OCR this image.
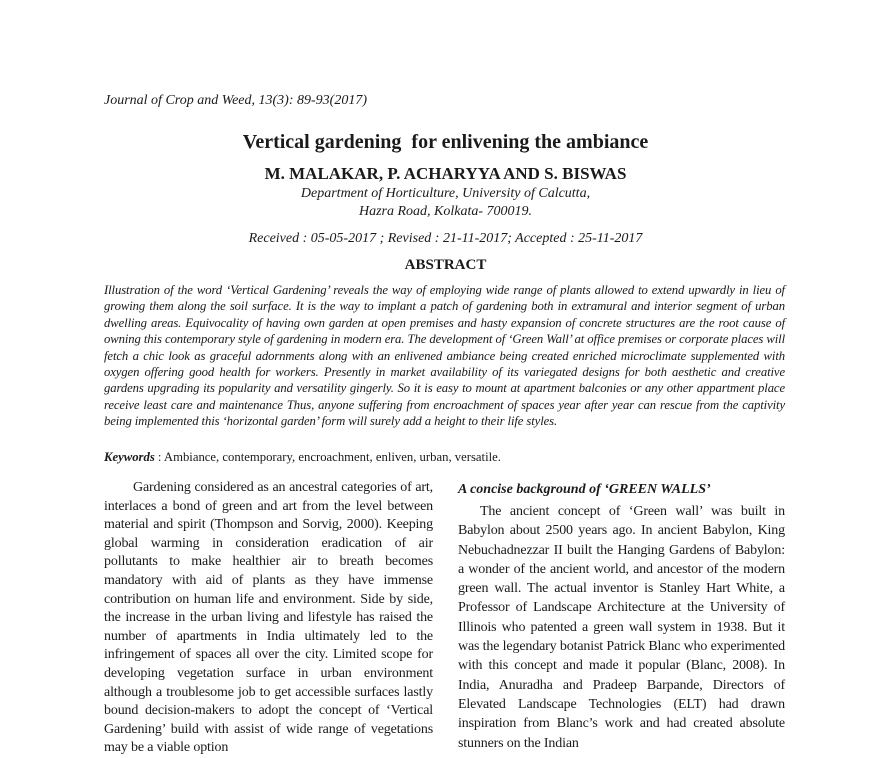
Journal of Crop and Weed, 13(3): 89-93(2017)
Vertical gardening  for enlivening the ambiance
M. MALAKAR, P. ACHARYYA AND S. BISWAS
Department of Horticulture, University of Calcutta,
Hazra Road, Kolkata- 700019.
Received : 05-05-2017 ; Revised : 21-11-2017; Accepted : 25-11-2017
ABSTRACT
Illustration of the word ‘Vertical Gardening’ reveals the way of employing wide range of plants allowed to extend upwardly in lieu of growing them along the soil surface. It is the way to implant a patch of gardening both in extramural and interior segment of urban dwelling areas. Equivocality of having own garden at open premises and hasty expansion of concrete structures are the root cause of owning this contemporary style of gardening in modern era. The development of ‘Green Wall’ at office premises or corporate places will fetch a chic look as graceful adornments along with an enlivened ambiance being created enriched microclimate supplemented with oxygen offering good health for workers. Presently in market availability of its variegated designs for both aesthetic and creative gardens upgrading its popularity and versatility gingerly. So it is easy to mount at apartment balconies or any other appartment place receive least care and maintenance Thus, anyone suffering from encroachment of spaces year after year can rescue from the captivity being implemented this ‘horizontal garden’ form will surely add a height to their life styles.
Keywords : Ambiance, contemporary, encroachment, enliven, urban, versatile.
Gardening considered as an ancestral categories of art, interlaces a bond of green and art from the level between material and spirit (Thompson and Sorvig, 2000). Keeping global warming in consideration eradication of air pollutants to make healthier air to breath becomes mandatory with aid of plants as they have immense contribution on human life and environment. Side by side, the increase in the urban living and lifestyle has raised the number of apartments in India ultimately led to the infringement of spaces all over the city. Limited scope for developing vegetation surface in urban environment although a troublesome job to get accessible surfaces lastly bound decision-makers to adopt the concept of ‘Vertical Gardening’ build with assist of wide range of vegetations may be a viable option
A concise background of ‘GREEN WALLS’
The ancient concept of ‘Green wall’ was built in Babylon about 2500 years ago. In ancient Babylon, King Nebuchadnezzar II built the Hanging Gardens of Babylon: a wonder of the ancient world, and ancestor of the modern green wall. The actual inventor is Stanley Hart White, a Professor of Landscape Architecture at the University of Illinois who patented a green wall system in 1938. But it was the legendary botanist Patrick Blanc who experimented with this concept and made it popular (Blanc, 2008). In India, Anuradha and Pradeep Barpande, Directors of Elevated Landscape Technologies (ELT) had drawn inspiration from Blanc’s work and had created absolute stunners on the Indian
